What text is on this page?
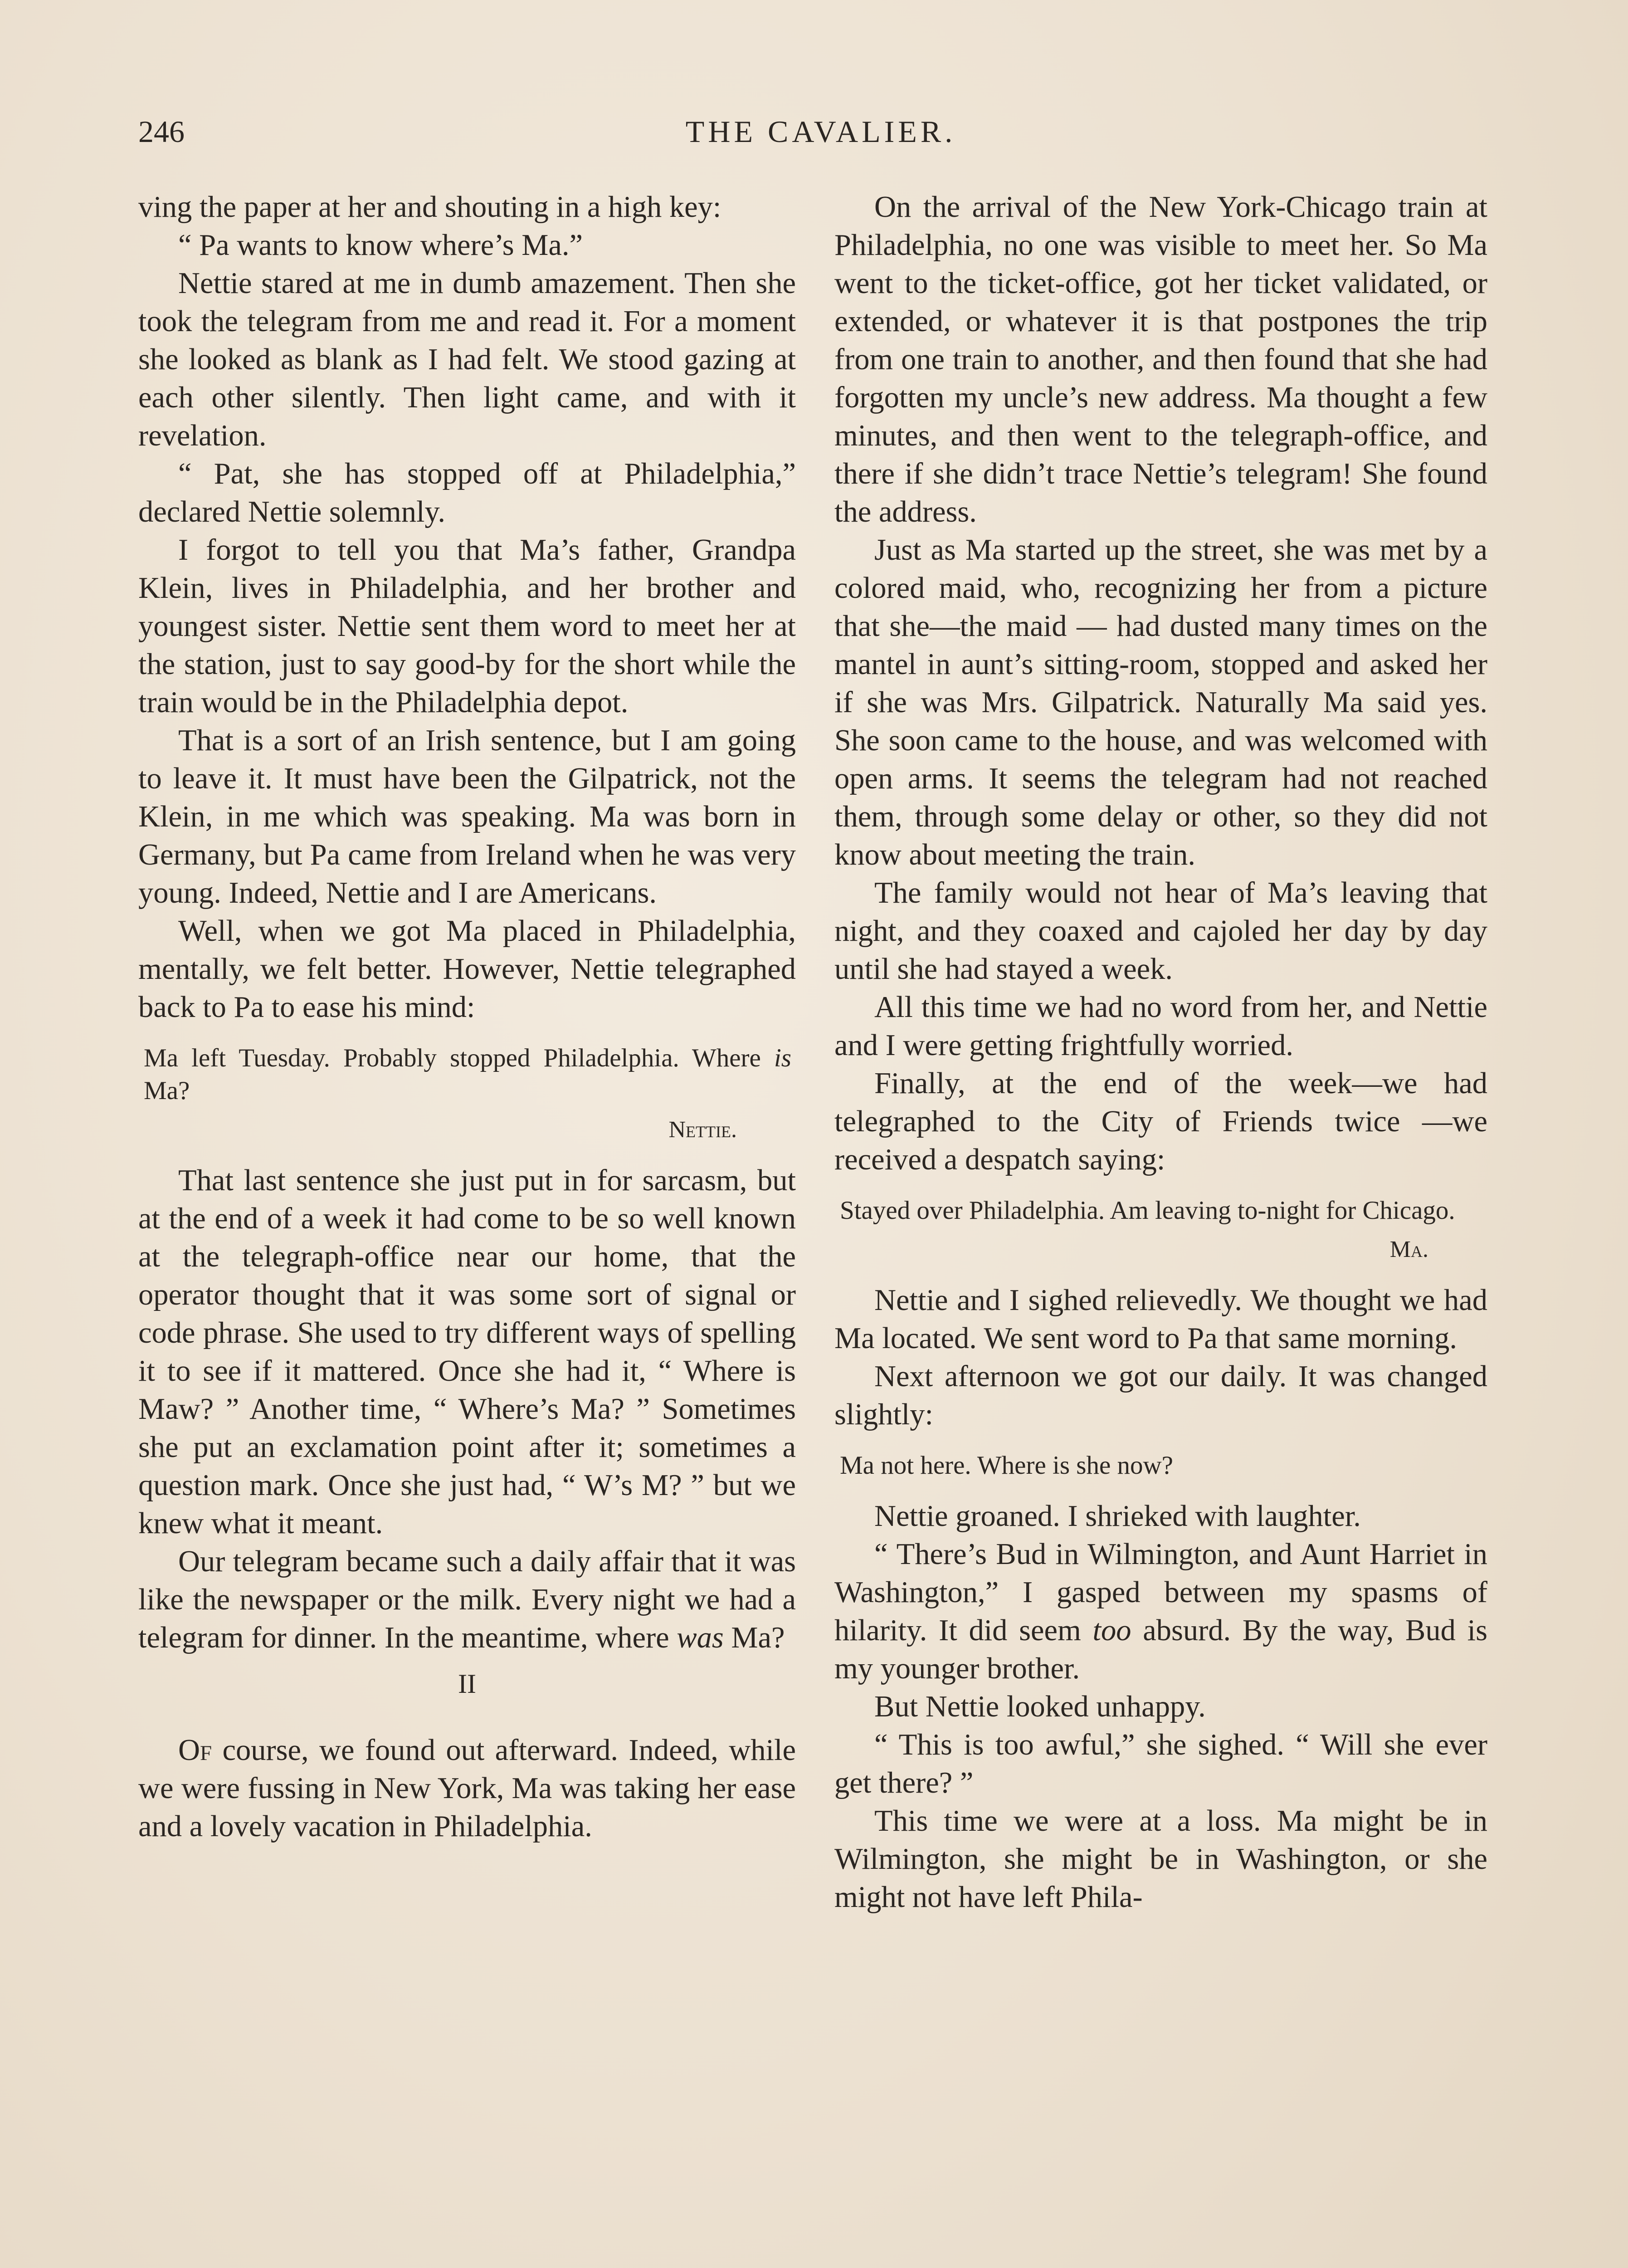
246	THE CAVALIER.

ving the paper at her and shouting in a high key:

“ Pa wants to know where’s Ma.”

Nettie stared at me in dumb amazement. Then she took the telegram from me and read it. For a moment she looked as blank as I had felt. We stood gazing at each other silently. Then light came, and with it revelation.

“ Pat, she has stopped off at Philadelphia,” declared Nettie solemnly.

I forgot to tell you that Ma’s father, Grandpa Klein, lives in Philadelphia, and her brother and youngest sister. Nettie sent them word to meet her at the station, just to say good-by for the short while the train would be in the Philadelphia depot.

That is a sort of an Irish sentence, but I am going to leave it. It must have been the Gilpatrick, not the Klein, in me which was speaking. Ma was born in Germany, but Pa came from Ireland when he was very young. Indeed, Nettie and I are Americans.

Well, when we got Ma placed in Philadelphia, mentally, we felt better. However, Nettie telegraphed back to Pa to ease his mind:

Ma left Tuesday. Probably stopped Philadelphia. Where is Ma?
Nettie.

That last sentence she just put in for sarcasm, but at the end of a week it had come to be so well known at the telegraph-office near our home, that the operator thought that it was some sort of signal or code phrase. She used to try different ways of spelling it to see if it mattered. Once she had it, “ Where is Maw? ” Another time, “ Where’s Ma? ” Sometimes she put an exclamation point after it; sometimes a question mark. Once she just had, “ W’s M? ” but we knew what it meant.

Our telegram became such a daily affair that it was like the newspaper or the milk. Every night we had a telegram for dinner. In the meantime, where was Ma?

II

Of course, we found out afterward. Indeed, while we were fussing in New York, Ma was taking her ease and a lovely vacation in Philadelphia.

On the arrival of the New York-Chicago train at Philadelphia, no one was visible to meet her. So Ma went to the ticket-office, got her ticket validated, or extended, or whatever it is that postpones the trip from one train to another, and then found that she had forgotten my uncle’s new address. Ma thought a few minutes, and then went to the telegraph-office, and there if she didn’t trace Nettie’s telegram! She found the address.

Just as Ma started up the street, she was met by a colored maid, who, recognizing her from a picture that she—the maid — had dusted many times on the mantel in aunt’s sitting-room, stopped and asked her if she was Mrs. Gilpatrick. Naturally Ma said yes. She soon came to the house, and was welcomed with open arms. It seems the telegram had not reached them, through some delay or other, so they did not know about meeting the train.

The family would not hear of Ma’s leaving that night, and they coaxed and cajoled her day by day until she had stayed a week.

All this time we had no word from her, and Nettie and I were getting frightfully worried.

Finally, at the end of the week—we had telegraphed to the City of Friends twice —we received a despatch saying:

Stayed over Philadelphia. Am leaving to-night for Chicago.
Ma.

Nettie and I sighed relievedly. We thought we had Ma located. We sent word to Pa that same morning.

Next afternoon we got our daily. It was changed slightly:

Ma not here. Where is she now?

Nettie groaned. I shrieked with laughter.

“ There’s Bud in Wilmington, and Aunt Harriet in Washington,” I gasped between my spasms of hilarity. It did seem too absurd. By the way, Bud is my younger brother.

But Nettie looked unhappy.

“ This is too awful,” she sighed. “ Will she ever get there? ”

This time we were at a loss. Ma might be in Wilmington, she might be in Washington, or she might not have left Phila-
